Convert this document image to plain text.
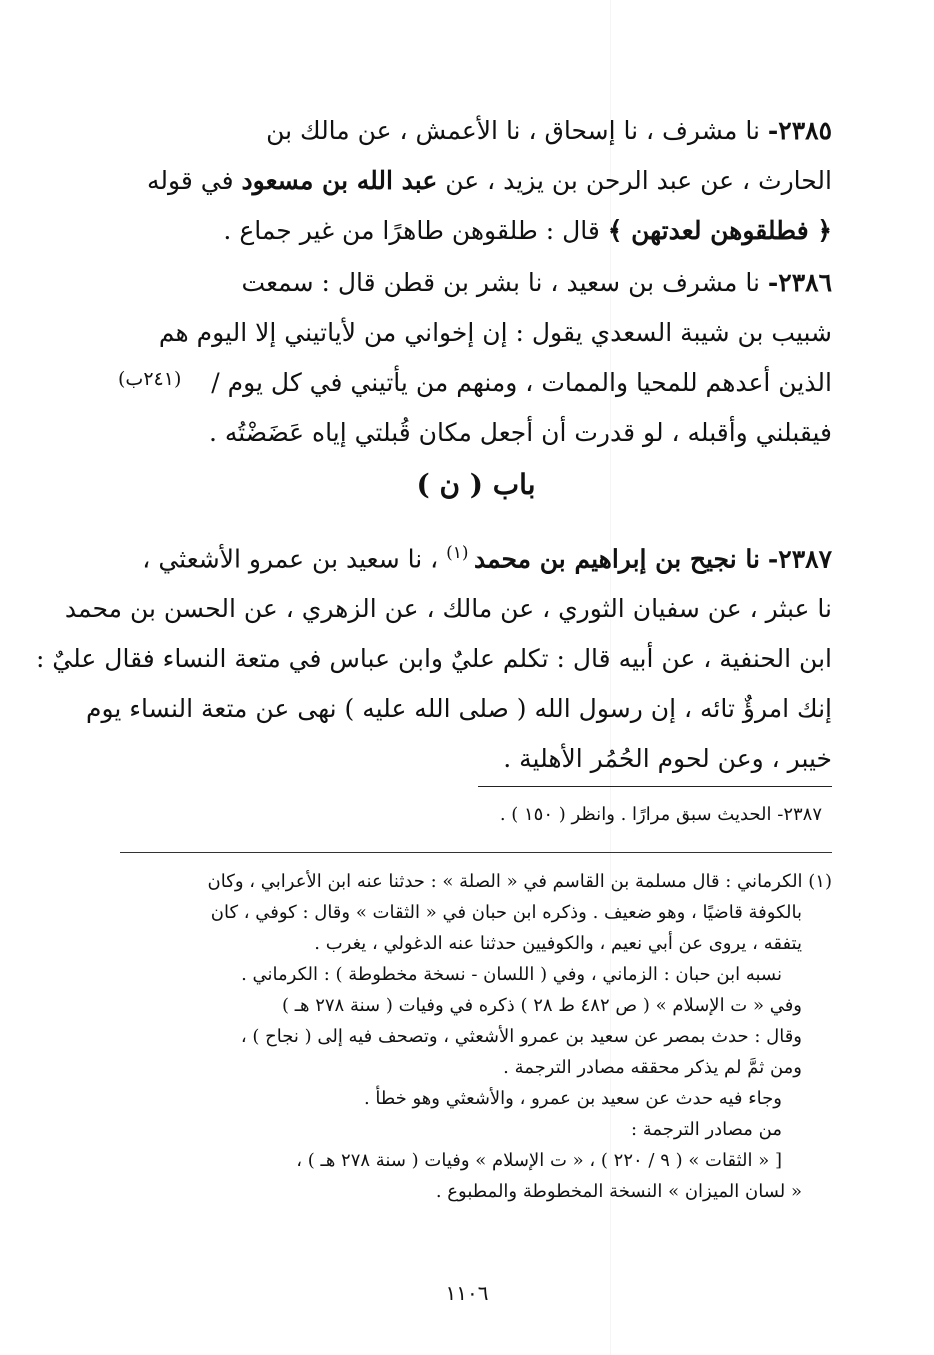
٢٣٨٥- نا مشرف ، نا إسحاق ، نا الأعمش ، عن مالك بن
الحارث ، عن عبد الرحن بن يزيد ، عن عبد الله بن مسعود في قوله
﴿ فطلقوهن لعدتهن ﴾ قال : طلقوهن طاهرًا من غير جماع .
٢٣٨٦- نا مشرف بن سعيد ، نا بشر بن قطن قال : سمعت
شبيب بن شيبة السعدي يقول : إن إخواني من لأياتيني إلا اليوم هم
الذين أعدهم للمحيا والممات ، ومنهم من يأتيني في كل يوم /
فيقبلني وأقبله ، لو قدرت أن أجعل مكان قُبلتي إياه عَضَضْتُه .
(٢٤١ب)
باب ( ن )
٢٣٨٧- نا نجيح بن إبراهيم بن محمد $^{(١)}$ ، نا سعيد بن عمرو الأشعثي ،
نا عبثر ، عن سفيان الثوري ، عن مالك ، عن الزهري ، عن الحسن بن محمد
ابن الحنفية ، عن أبيه قال : تكلم عليٌ وابن عباس في متعة النساء فقال عليٌ :
إنك امرؤٌ تائه ، إن رسول الله ( صلى الله عليه ) نهى عن متعة النساء يوم
خيبر ، وعن لحوم الحُمُر الأهلية .
٢٣٨٧- الحديث سبق مرارًا . وانظر ( ١٥٠ ) .
(١) الكرماني : قال مسلمة بن القاسم في « الصلة » : حدثنا عنه ابن الأعرابي ، وكان
بالكوفة قاضيًا ، وهو ضعيف . وذكره ابن حبان في « الثقات » وقال : كوفي ، كان
يتفقه ، يروى عن أبي نعيم ، والكوفيين حدثنا عنه الدغولي ، يغرب .
نسبه ابن حبان : الزماني ، وفي ( اللسان - نسخة مخطوطة ) : الكرماني .
وفي « ت الإسلام » ( ص ٤٨٢ ط ٢٨ ) ذكره في وفيات ( سنة ٢٧٨ هـ )
وقال : حدث بمصر عن سعيد بن عمرو الأشعثي ، وتصحف فيه إلى ( نجاح ) ،
ومن ثمَّ لم يذكر محققه مصادر الترجمة .
وجاء فيه حدث عن سعيد بن عمرو ، والأشعثي وهو خطأ .
من مصادر الترجمة :
[ « الثقات » ( ٩ / ٢٢٠ ) ، « ت الإسلام » وفيات ( سنة ٢٧٨ هـ ) ،
« لسان الميزان » النسخة المخطوطة والمطبوع .
١١٠٦
